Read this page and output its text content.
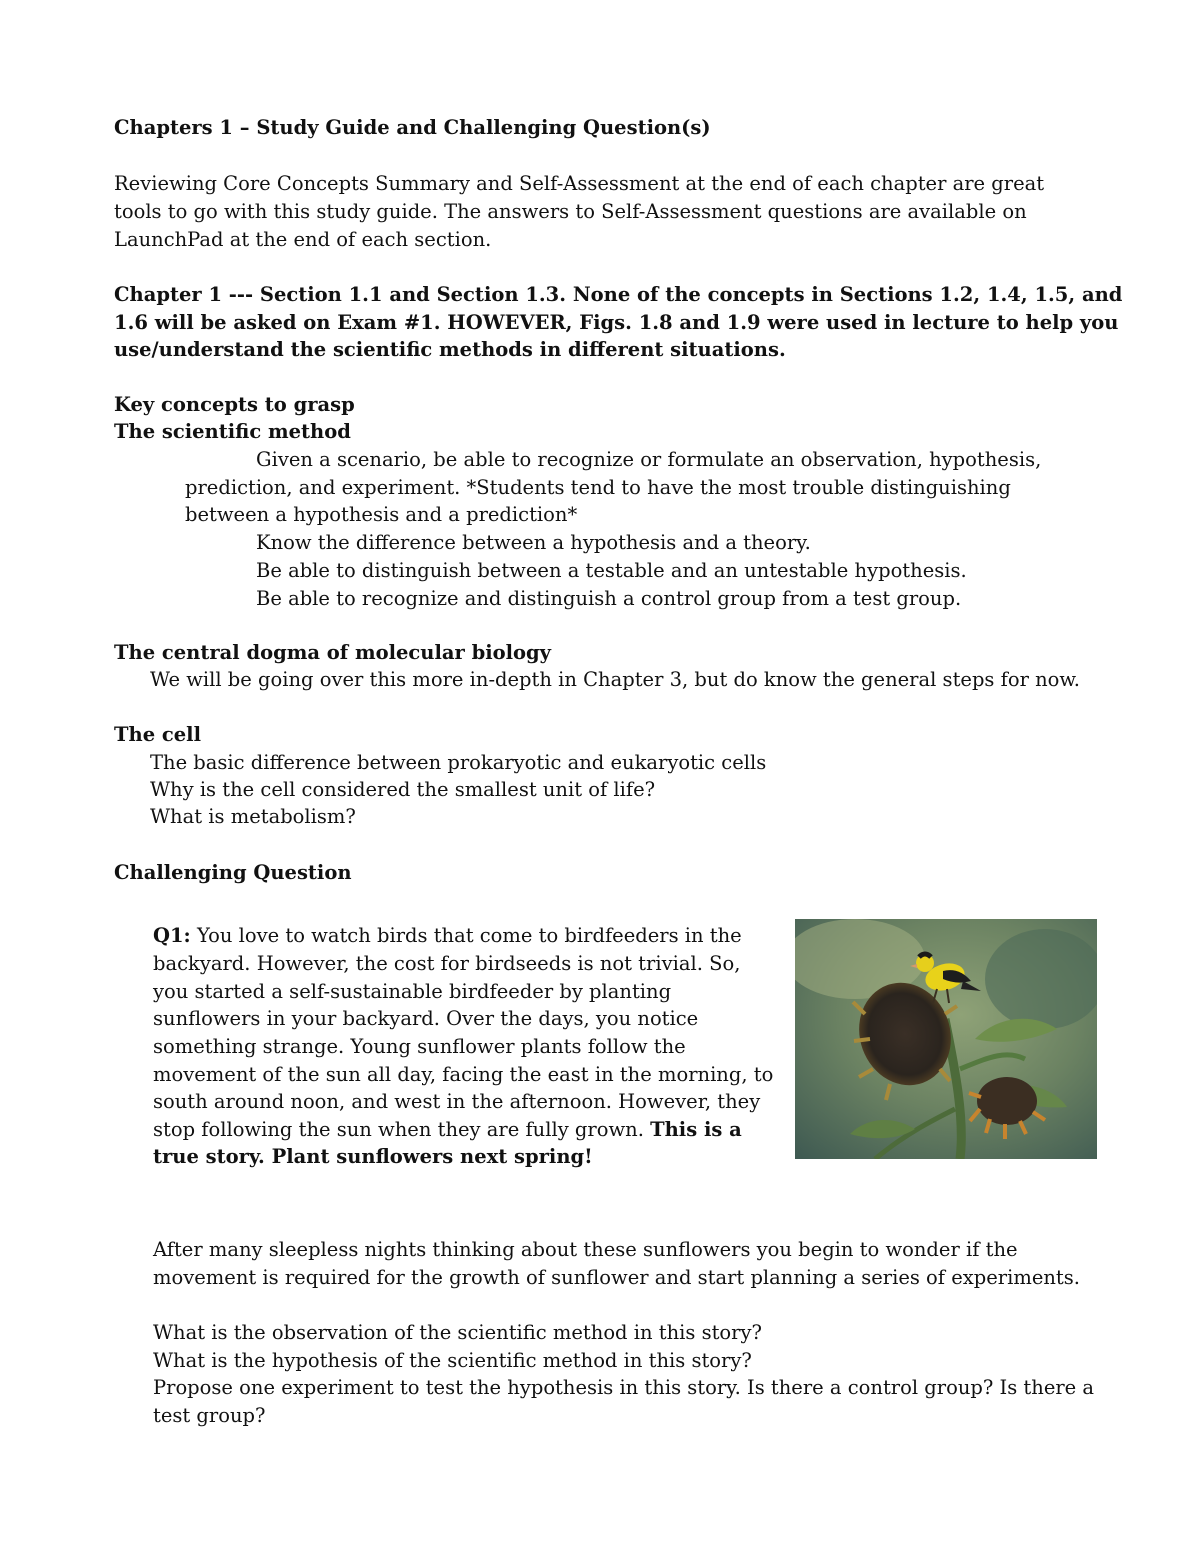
Chapters 1 – Study Guide and Challenging Question(s)
Reviewing Core Concepts Summary and Self-Assessment at the end of each chapter are great
tools to go with this study guide. The answers to Self-Assessment questions are available on
LaunchPad at the end of each section.
Chapter 1 --- Section 1.1 and Section 1.3. None of the concepts in Sections 1.2, 1.4, 1.5, and
1.6 will be asked on Exam #1. HOWEVER, Figs. 1.8 and 1.9 were used in lecture to help you
use/understand the scientific methods in different situations.
Key concepts to grasp
The scientific method
Given a scenario, be able to recognize or formulate an observation, hypothesis,
prediction, and experiment. *Students tend to have the most trouble distinguishing
between a hypothesis and a prediction*
Know the difference between a hypothesis and a theory.
Be able to distinguish between a testable and an untestable hypothesis.
Be able to recognize and distinguish a control group from a test group.
The central dogma of molecular biology
We will be going over this more in-depth in Chapter 3, but do know the general steps for now.
The cell
The basic difference between prokaryotic and eukaryotic cells
Why is the cell considered the smallest unit of life?
What is metabolism?
Challenging Question
Q1: You love to watch birds that come to birdfeeders in the
backyard. However, the cost for birdseeds is not trivial. So,
you started a self-sustainable birdfeeder by planting
sunflowers in your backyard. Over the days, you notice
something strange. Young sunflower plants follow the
movement of the sun all day, facing the east in the morning, to
south around noon, and west in the afternoon. However, they
stop following the sun when they are fully grown. This is a
true story. Plant sunflowers next spring!
After many sleepless nights thinking about these sunflowers you begin to wonder if the
movement is required for the growth of sunflower and start planning a series of experiments.
What is the observation of the scientific method in this story?
What is the hypothesis of the scientific method in this story?
Propose one experiment to test the hypothesis in this story. Is there a control group? Is there a
test group?
